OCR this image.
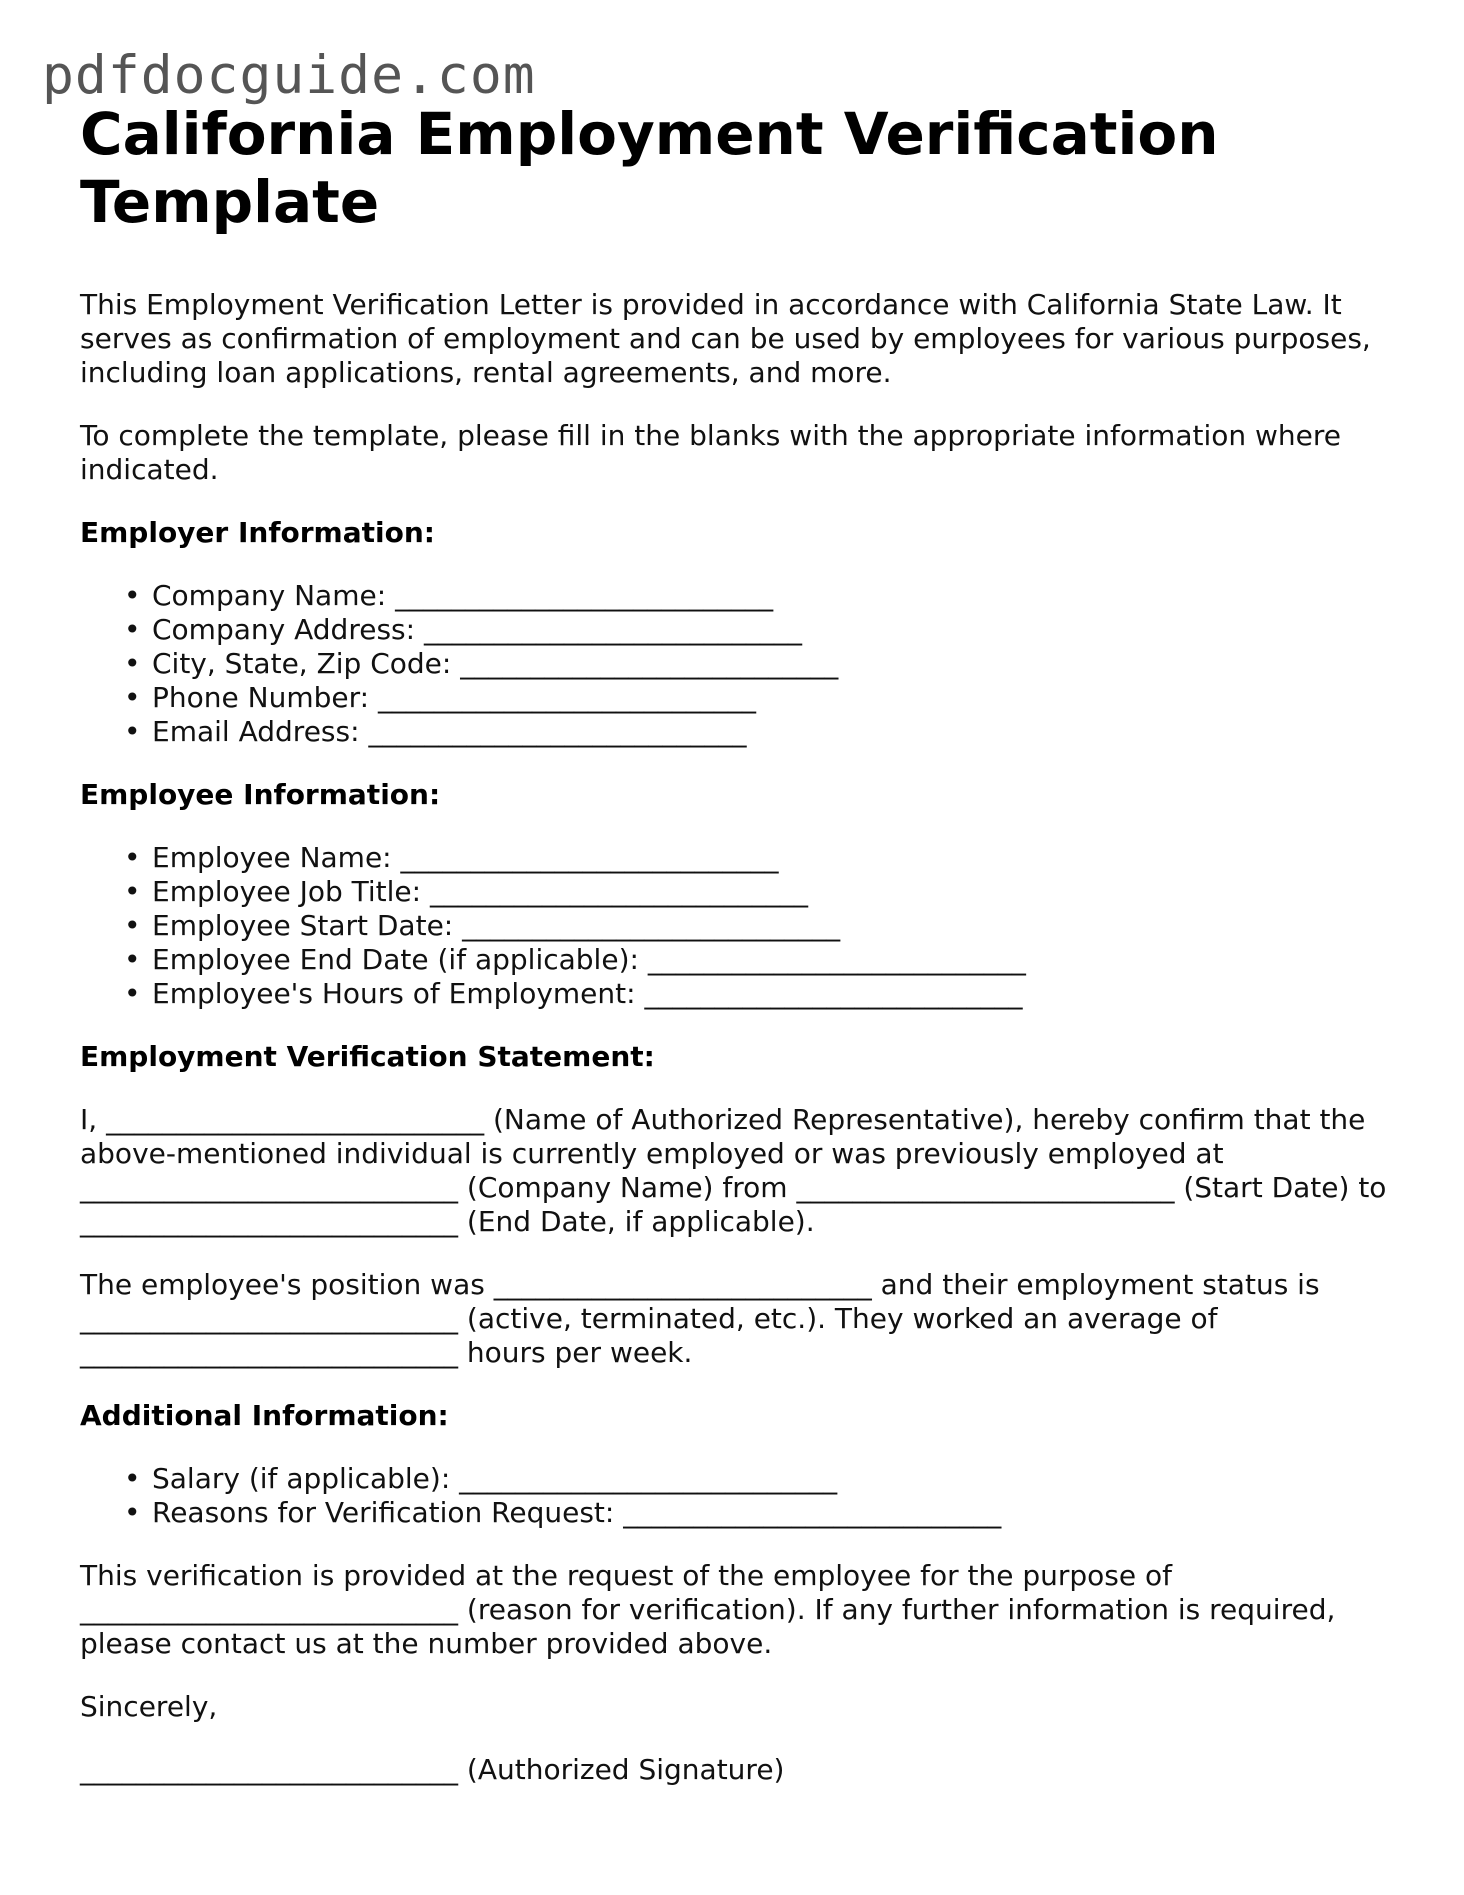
pdfdocguide.com
California Employment Verification Template

This Employment Verification Letter is provided in accordance with California State Law. It serves as confirmation of employment and can be used by employees for various purposes, including loan applications, rental agreements, and more.

To complete the template, please fill in the blanks with the appropriate information where indicated.

Employer Information:
• Company Name: ___________________________
• Company Address: ___________________________
• City, State, Zip Code: ___________________________
• Phone Number: ___________________________
• Email Address: ___________________________
Employee Information:
• Employee Name: ___________________________
• Employee Job Title: ___________________________
• Employee Start Date: ___________________________
• Employee End Date (if applicable): ___________________________
• Employee's Hours of Employment: ___________________________
Employment Verification Statement:

I, ___________________________ (Name of Authorized Representative), hereby confirm that the above-mentioned individual is currently employed or was previously employed at ___________________________ (Company Name) from ___________________________ (Start Date) to ___________________________ (End Date, if applicable).

The employee's position was ___________________________ and their employment status is ___________________________ (active, terminated, etc.). They worked an average of ___________________________ hours per week.

Additional Information:
• Salary (if applicable): ___________________________
• Reasons for Verification Request: ___________________________

This verification is provided at the request of the employee for the purpose of ___________________________ (reason for verification). If any further information is required, please contact us at the number provided above.

Sincerely,

___________________________ (Authorized Signature)
